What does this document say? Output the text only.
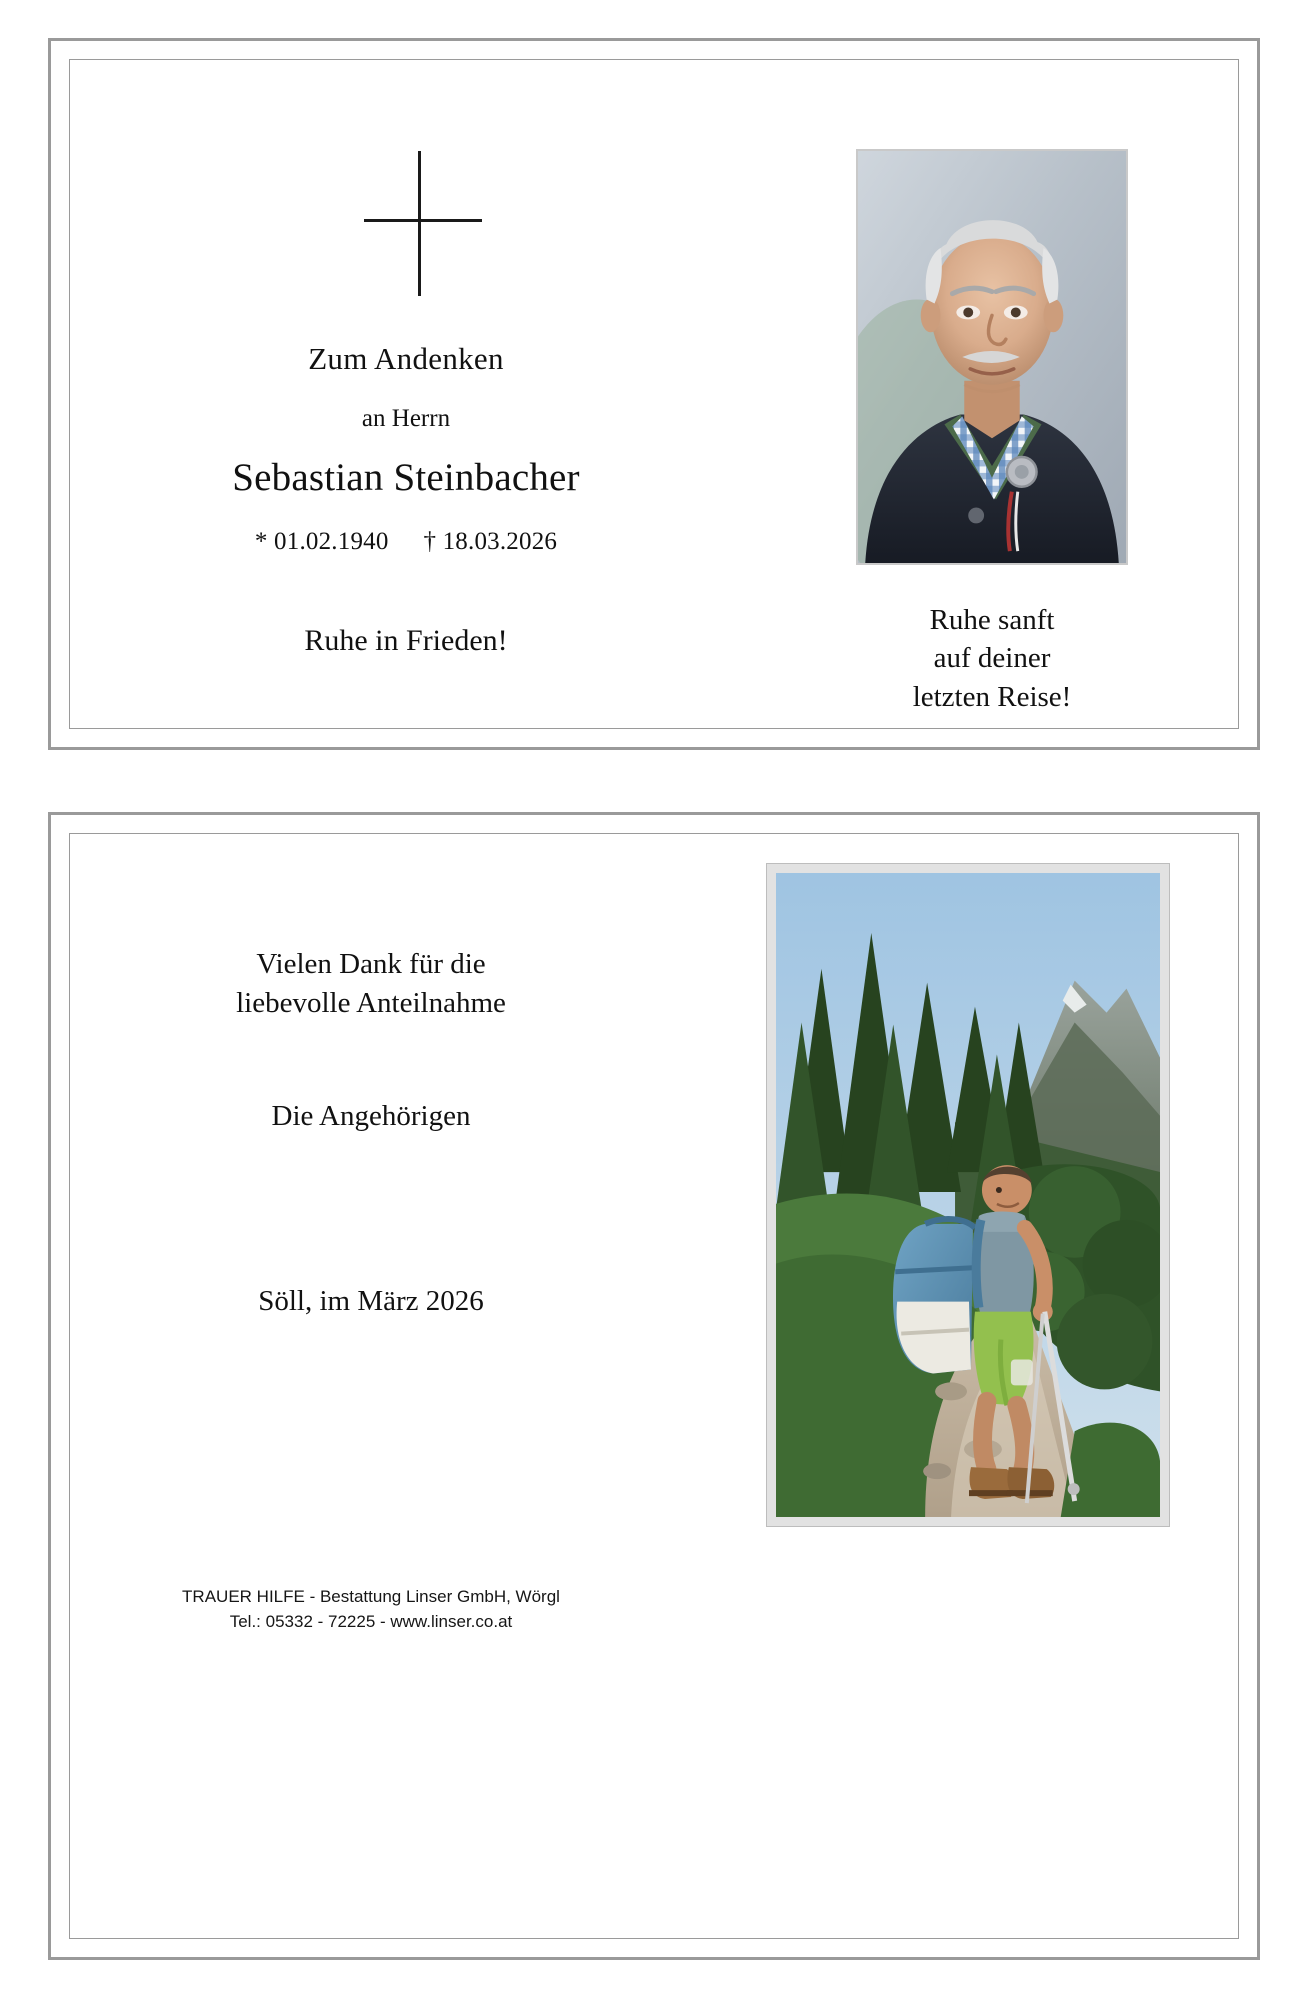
Zum Andenken
an Herrn
Sebastian Steinbacher
* 01.02.1940 † 18.03.2026
Ruhe in Frieden!
Ruhe sanft
auf deiner
letzten Reise!
Vielen Dank für die
liebevolle Anteilnahme
Die Angehörigen
Söll, im März 2026
TRAUER HILFE - Bestattung Linser GmbH, Wörgl
Tel.: 05332 - 72225 - www.linser.co.at
